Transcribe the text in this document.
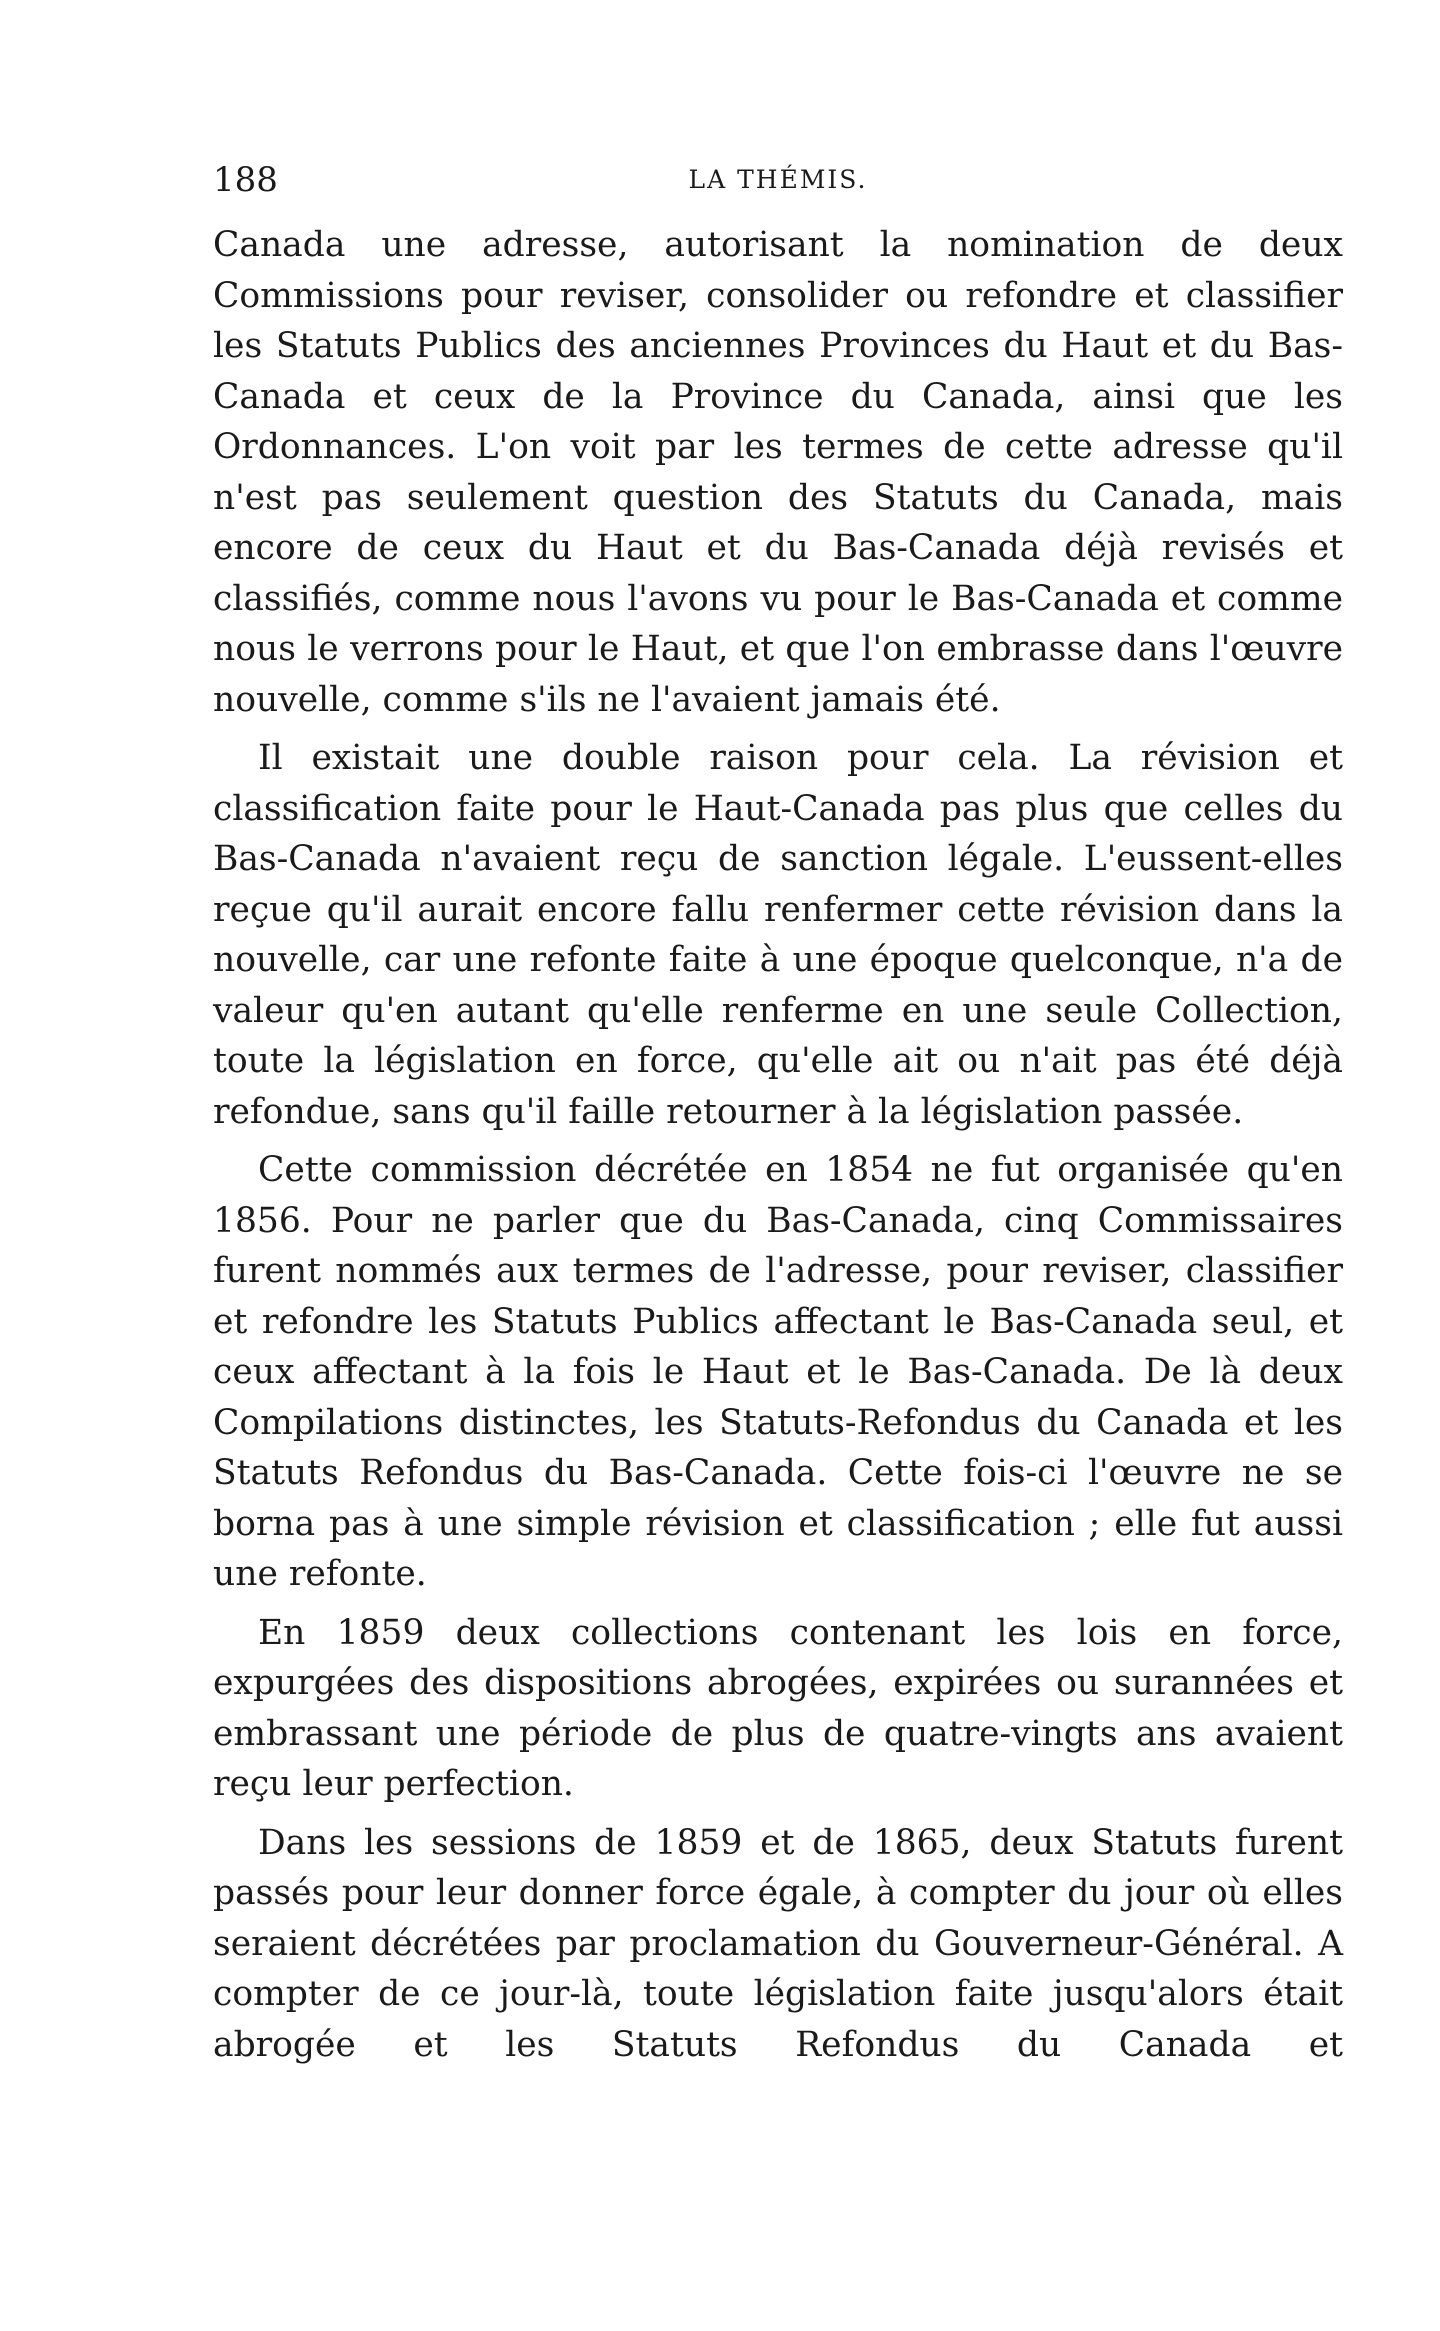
188	LA THÉMIS.

Canada une adresse, autorisant la nomination de deux Commissions pour reviser, consolider ou refondre et classifier les Statuts Publics des anciennes Provinces du Haut et du Bas-Canada et ceux de la Province du Canada, ainsi que les Ordonnances. L'on voit par les termes de cette adresse qu'il n'est pas seulement question des Statuts du Canada, mais encore de ceux du Haut et du Bas-Canada déjà revisés et classifiés, comme nous l'avons vu pour le Bas-Canada et comme nous le verrons pour le Haut, et que l'on embrasse dans l'œuvre nouvelle, comme s'ils ne l'avaient jamais été.

Il existait une double raison pour cela. La révision et classification faite pour le Haut-Canada pas plus que celles du Bas-Canada n'avaient reçu de sanction légale. L'eussent-elles reçue qu'il aurait encore fallu renfermer cette révision dans la nouvelle, car une refonte faite à une époque quelconque, n'a de valeur qu'en autant qu'elle renferme en une seule Collection, toute la législation en force, qu'elle ait ou n'ait pas été déjà refondue, sans qu'il faille retourner à la législation passée.

Cette commission décrétée en 1854 ne fut organisée qu'en 1856. Pour ne parler que du Bas-Canada, cinq Commissaires furent nommés aux termes de l'adresse, pour reviser, classifier et refondre les Statuts Publics affectant le Bas-Canada seul, et ceux affectant à la fois le Haut et le Bas-Canada. De là deux Compilations distinctes, les Statuts-Refondus du Canada et les Statuts Refondus du Bas-Canada. Cette fois-ci l'œuvre ne se borna pas à une simple révision et classification ; elle fut aussi une refonte.

En 1859 deux collections contenant les lois en force, expurgées des dispositions abrogées, expirées ou surannées et embrassant une période de plus de quatre-vingts ans avaient reçu leur perfection.

Dans les sessions de 1859 et de 1865, deux Statuts furent passés pour leur donner force égale, à compter du jour où elles seraient décrétées par proclamation du Gouverneur-Général. A compter de ce jour-là, toute législation faite jusqu'alors était abrogée et les Statuts Refondus du Canada et
